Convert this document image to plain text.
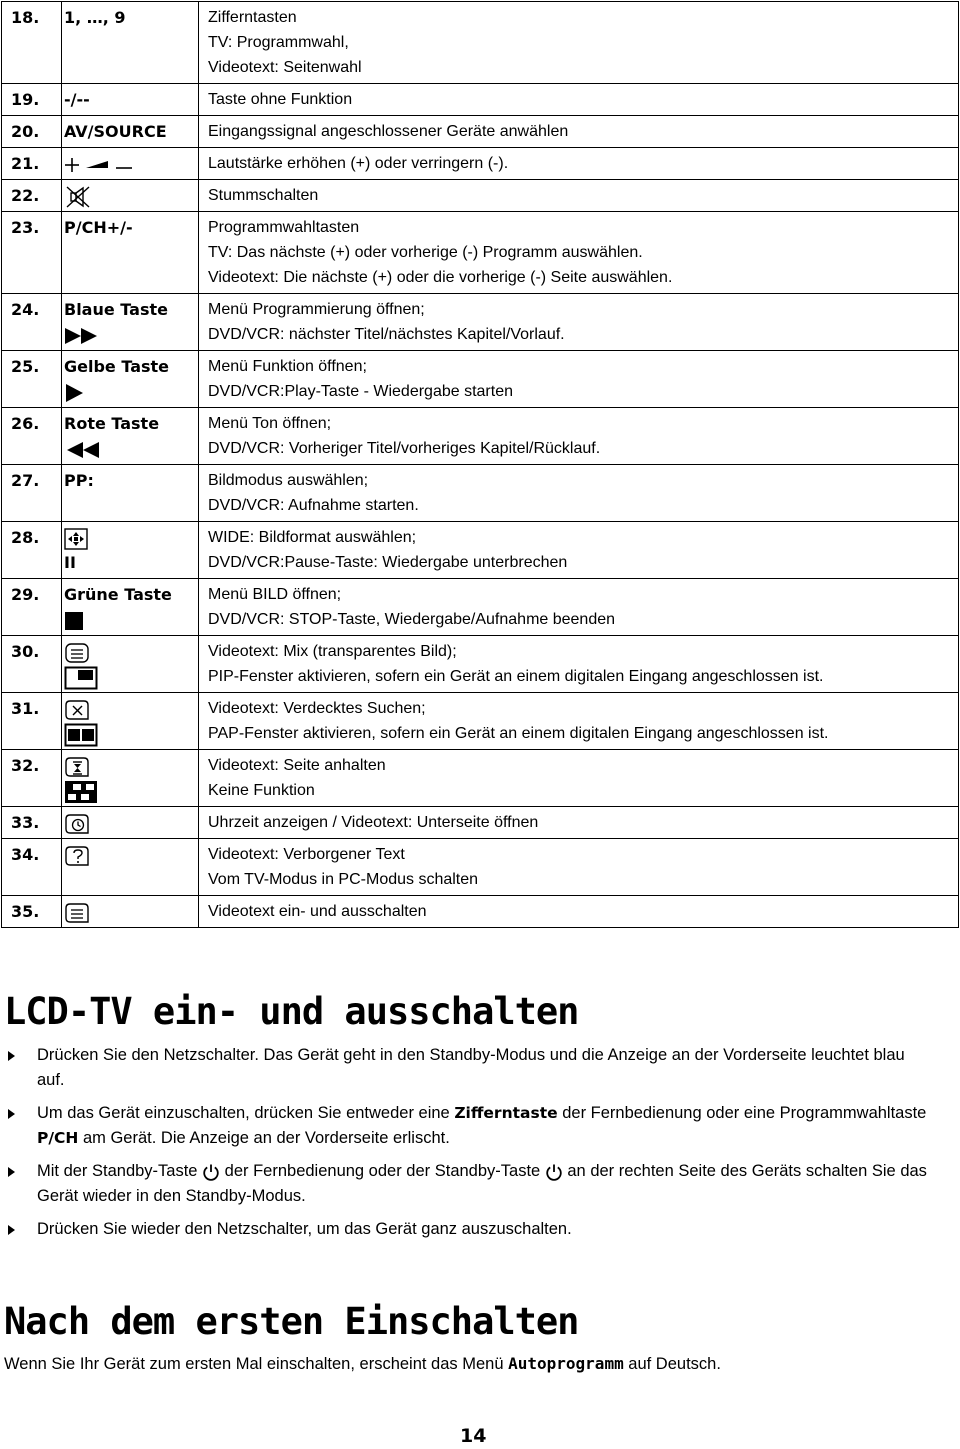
18.	1, …, 9	Zifferntasten
TV: Programmwahl,
Videotext: Seitenwahl

19.	-/--	Taste ohne Funktion

20.	AV/SOURCE	Eingangssignal angeschlossener Geräte anwählen

21.		Lautstärke erhöhen (+) oder verringern (-).

22.		Stummschalten

23.	P/CH+/-	Programmwahltasten
TV: Das nächste (+) oder vorherige (-) Programm auswählen.
Videotext: Die nächste (+) oder die vorherige (-) Seite auswählen.

24.	Blaue Taste	Menü Programmierung öffnen;
DVD/VCR: nächster Titel/nächstes Kapitel/Vorlauf.

25.	Gelbe Taste	Menü Funktion öffnen;
DVD/VCR:Play-Taste - Wiedergabe starten

26.	Rote Taste	Menü Ton öffnen;
DVD/VCR: Vorheriger Titel/vorheriges Kapitel/Rücklauf.

27.	PP:	Bildmodus auswählen;
DVD/VCR: Aufnahme starten.

28.	II	WIDE: Bildformat auswählen;
DVD/VCR:Pause-Taste: Wiedergabe unterbrechen

29.	Grüne Taste	Menü BILD öffnen;
DVD/VCR: STOP-Taste, Wiedergabe/Aufnahme beenden

30.		Videotext: Mix (transparentes Bild);
PIP-Fenster aktivieren, sofern ein Gerät an einem digitalen Eingang angeschlossen ist.

31.		Videotext: Verdecktes Suchen;
PAP-Fenster aktivieren, sofern ein Gerät an einem digitalen Eingang angeschlossen ist.

32.		Videotext: Seite anhalten
Keine Funktion

33.		Uhrzeit anzeigen / Videotext: Unterseite öffnen

34.		Videotext: Verborgener Text
Vom TV-Modus in PC-Modus schalten

35.		Videotext ein- und ausschalten
LCD-TV ein- und ausschalten
Drücken Sie den Netzschalter. Das Gerät geht in den Standby-Modus und die Anzeige an der Vorderseite leuchtet blau
auf.
Um das Gerät einzuschalten, drücken Sie entweder eine Zifferntaste der Fernbedienung oder eine Programmwahltaste
P/CH am Gerät. Die Anzeige an der Vorderseite erlischt.
Mit der Standby-Taste  der Fernbedienung oder der Standby-Taste  an der rechten Seite des Geräts schalten Sie das
Gerät wieder in den Standby-Modus.
Drücken Sie wieder den Netzschalter, um das Gerät ganz auszuschalten.
Nach dem ersten Einschalten

Wenn Sie Ihr Gerät zum ersten Mal einschalten, erscheint das Menü Autoprogramm auf Deutsch.

14
